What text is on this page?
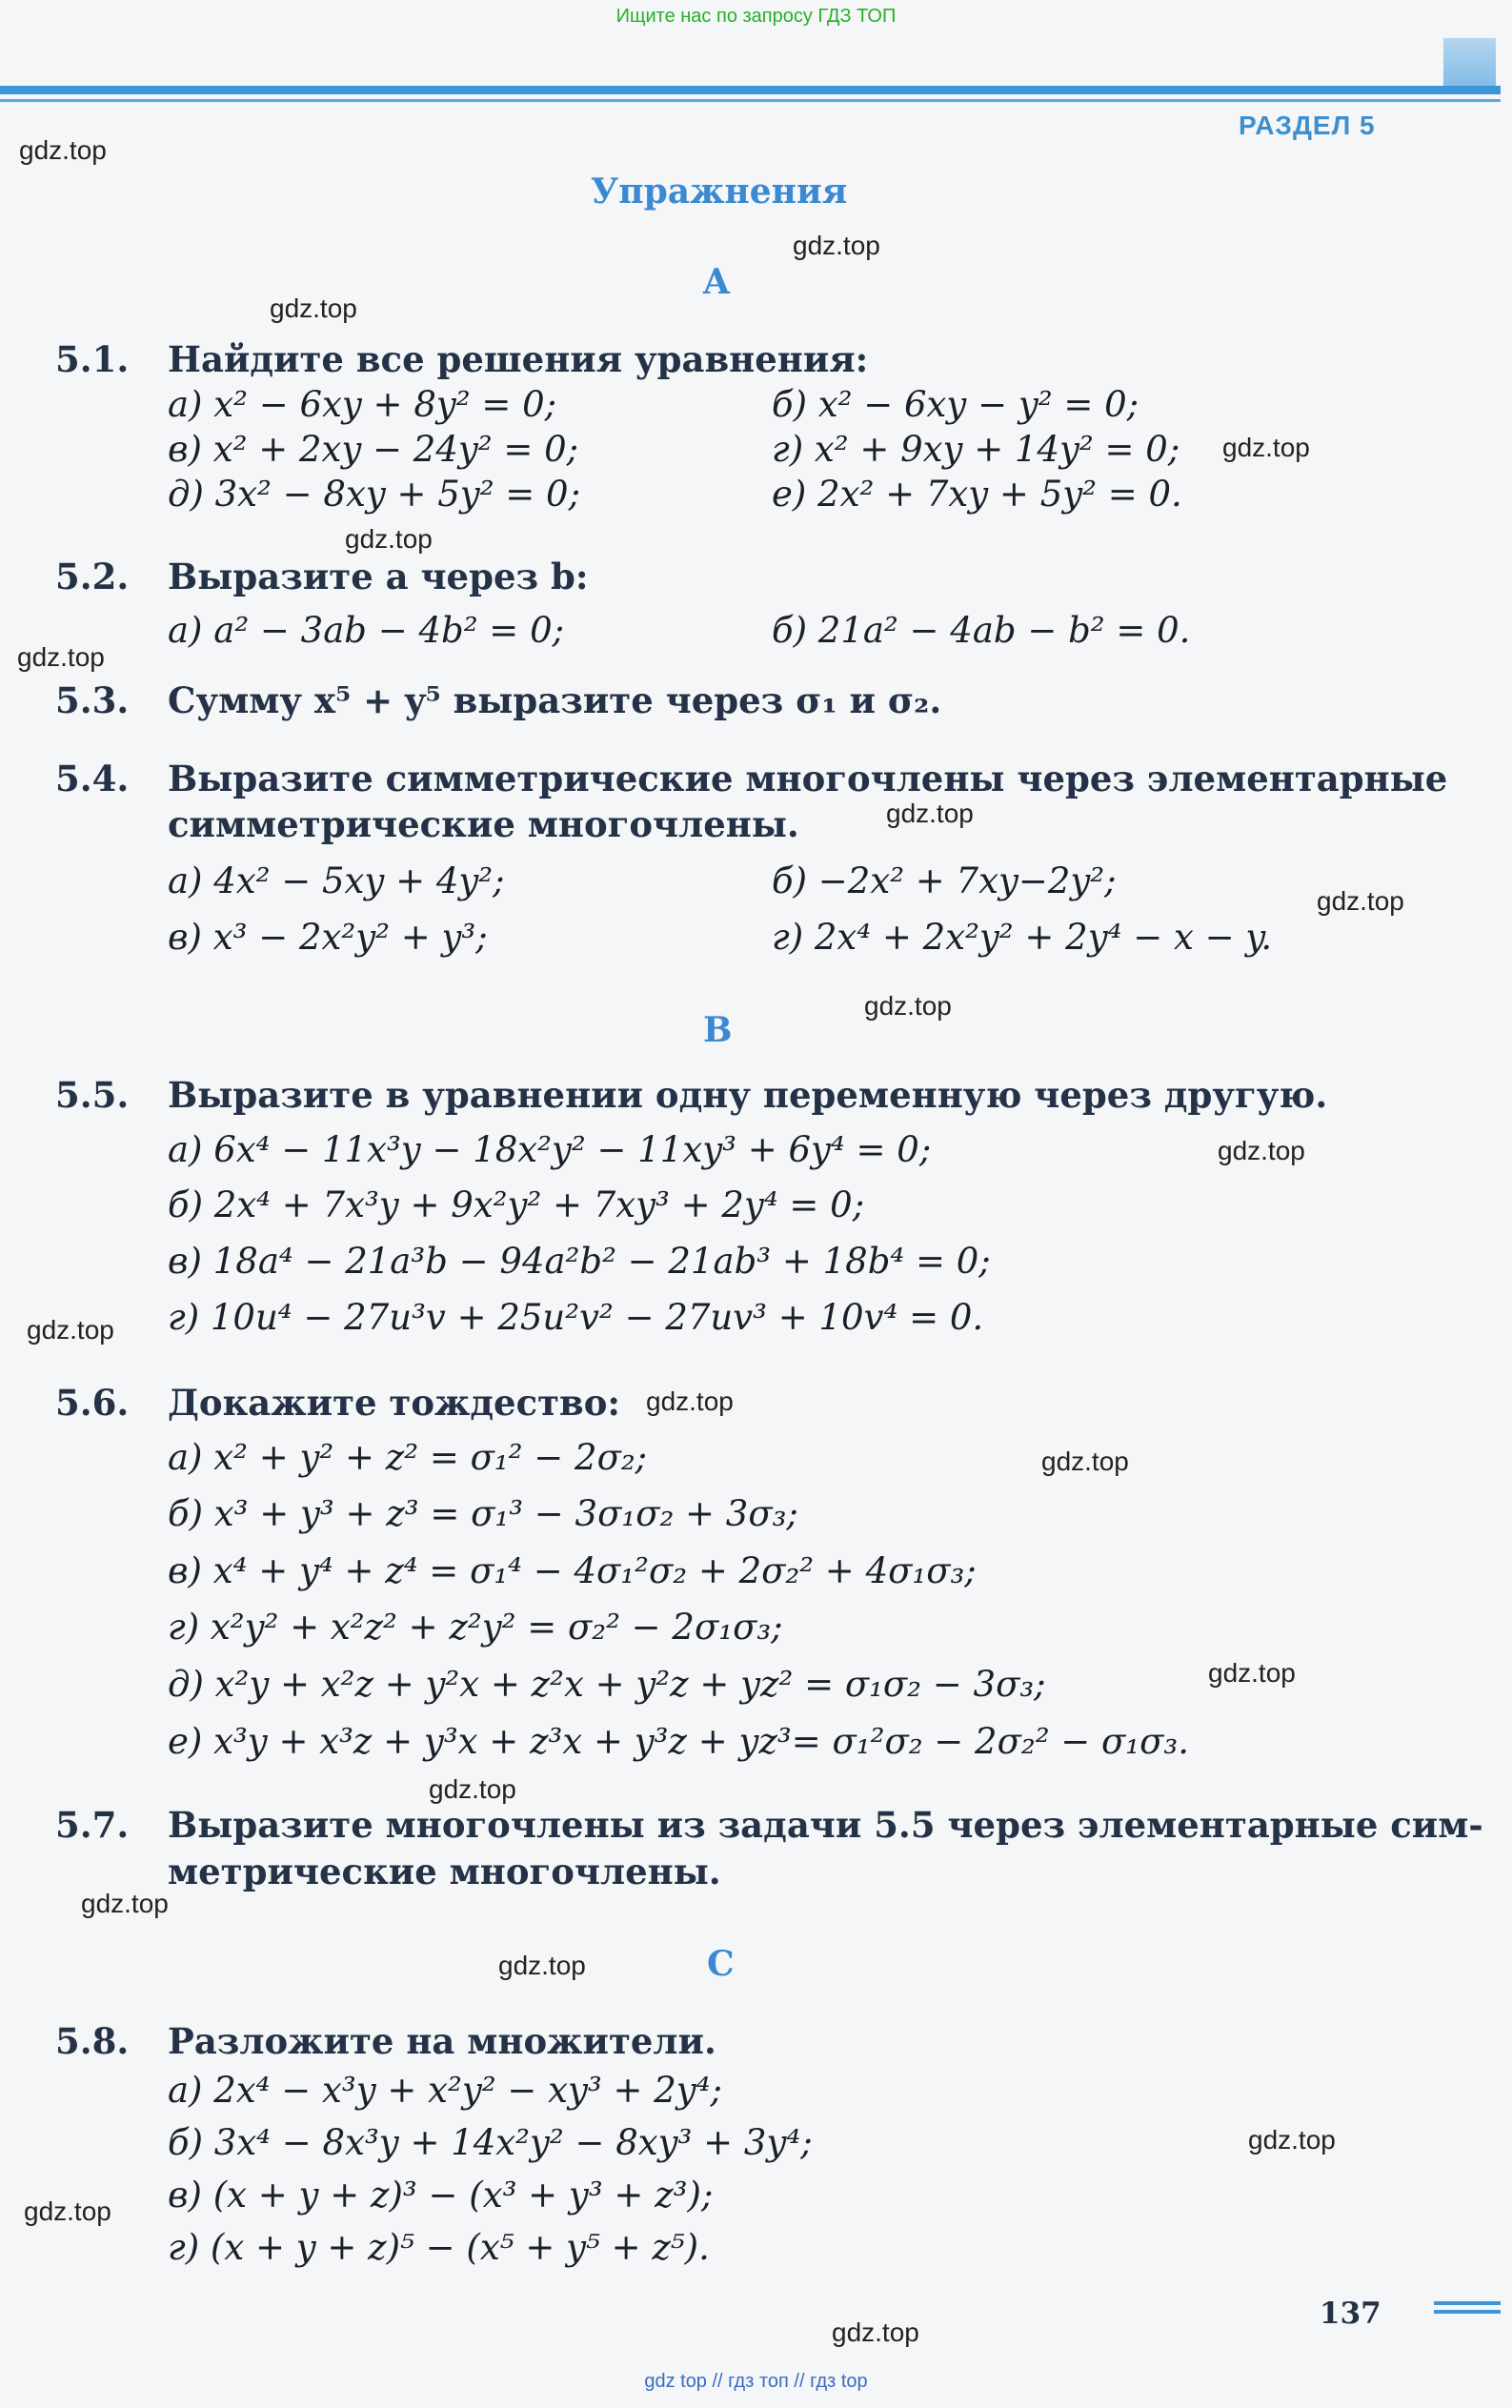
Ищите нас по запросу ГДЗ ТОП
РАЗДЕЛ 5
Упражнения
A
5.1. Найдите все решения уравнения:
а) x² − 6xy + 8y² = 0;	б) x² − 6xy − y² = 0;
в) x² + 2xy − 24y² = 0;	г) x² + 9xy + 14y² = 0;
д) 3x² − 8xy + 5y² = 0;	е) 2x² + 7xy + 5y² = 0.
5.2. Выразите a через b:
а) a² − 3ab − 4b² = 0;	б) 21a² − 4ab − b² = 0.
5.3. Сумму x⁵ + y⁵ выразите через σ₁ и σ₂.
5.4. Выразите симметрические многочлены через элементарные
симметрические многочлены.
а) 4x² − 5xy + 4y²;	б) −2x² + 7xy−2y²;
в) x³ − 2x²y² + y³;	г) 2x⁴ + 2x²y² + 2y⁴ − x − y.
B
5.5. Выразите в уравнении одну переменную через другую.
а) 6x⁴ − 11x³y − 18x²y² − 11xy³ + 6y⁴ = 0;
б) 2x⁴ + 7x³y + 9x²y² + 7xy³ + 2y⁴ = 0;
в) 18a⁴ − 21a³b − 94a²b² − 21ab³ + 18b⁴ = 0;
г) 10u⁴ − 27u³v + 25u²v² − 27uv³ + 10v⁴ = 0.
5.6. Докажите тождество:
а) x² + y² + z² = σ₁² − 2σ₂;
б) x³ + y³ + z³ = σ₁³ − 3σ₁σ₂ + 3σ₃;
в) x⁴ + y⁴ + z⁴ = σ₁⁴ − 4σ₁²σ₂ + 2σ₂² + 4σ₁σ₃;
г) x²y² + x²z² + z²y² = σ₂² − 2σ₁σ₃;
д) x²y + x²z + y²x + z²x + y²z + yz² = σ₁σ₂ − 3σ₃;
е) x³y + x³z + y³x + z³x + y³z + yz³= σ₁²σ₂ − 2σ₂² − σ₁σ₃.
5.7. Выразите многочлены из задачи 5.5 через элементарные сим-
метрические многочлены.
C
5.8. Разложите на множители.
а) 2x⁴ − x³y + x²y² − xy³ + 2y⁴;
б) 3x⁴ − 8x³y + 14x²y² − 8xy³ + 3y⁴;
в) (x + y + z)³ − (x³ + y³ + z³);
г) (x + y + z)⁵ − (x⁵ + y⁵ + z⁵).
gdz.top
gdz.top
gdz.top
gdz.top
gdz.top
gdz.top
gdz.top
gdz.top
gdz.top
gdz.top
gdz.top
gdz.top
gdz.top
gdz.top
gdz.top
gdz.top
gdz.top
gdz.top
gdz.top
gdz.top
137
gdz top // гдз топ // гдз top
